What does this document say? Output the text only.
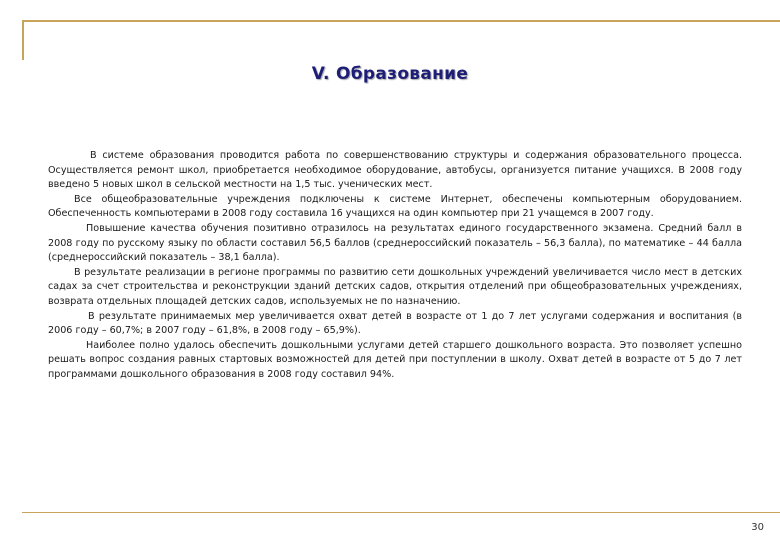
V. Образование

В системе образования проводится работа по совершенствованию структуры и содержания образовательного процесса. Осуществляется ремонт школ, приобретается необходимое оборудование, автобусы, организуется питание учащихся. В 2008 году введено 5 новых школ в сельской местности на 1,5 тыс. ученических мест.

Все общеобразовательные учреждения подключены к системе Интернет, обеспечены компьютерным оборудованием. Обеспеченность компьютерами в 2008 году составила 16 учащихся на один компьютер при 21 учащемся в 2007 году.

Повышение качества обучения позитивно отразилось на результатах единого государственного экзамена. Средний балл в 2008 году по русскому языку по области составил 56,5 баллов (среднероссийский показатель – 56,3 балла), по математике – 44 балла (среднероссийский показатель – 38,1 балла).

В результате реализации в регионе программы по развитию сети дошкольных учреждений увеличивается число мест в детских садах за счет строительства и реконструкции зданий детских садов, открытия отделений при общеобразовательных учреждениях, возврата отдельных площадей детских садов, используемых не по назначению.

В результате принимаемых мер увеличивается охват детей в возрасте от 1 до 7 лет услугами содержания и воспитания (в 2006 году – 60,7%; в 2007 году – 61,8%, в 2008 году – 65,9%).

Наиболее полно удалось обеспечить дошкольными услугами детей старшего дошкольного возраста. Это позволяет успешно решать вопрос создания равных стартовых возможностей для детей при поступлении в школу. Охват детей в возрасте от 5 до 7 лет программами дошкольного образования в 2008 году составил 94%.

30
